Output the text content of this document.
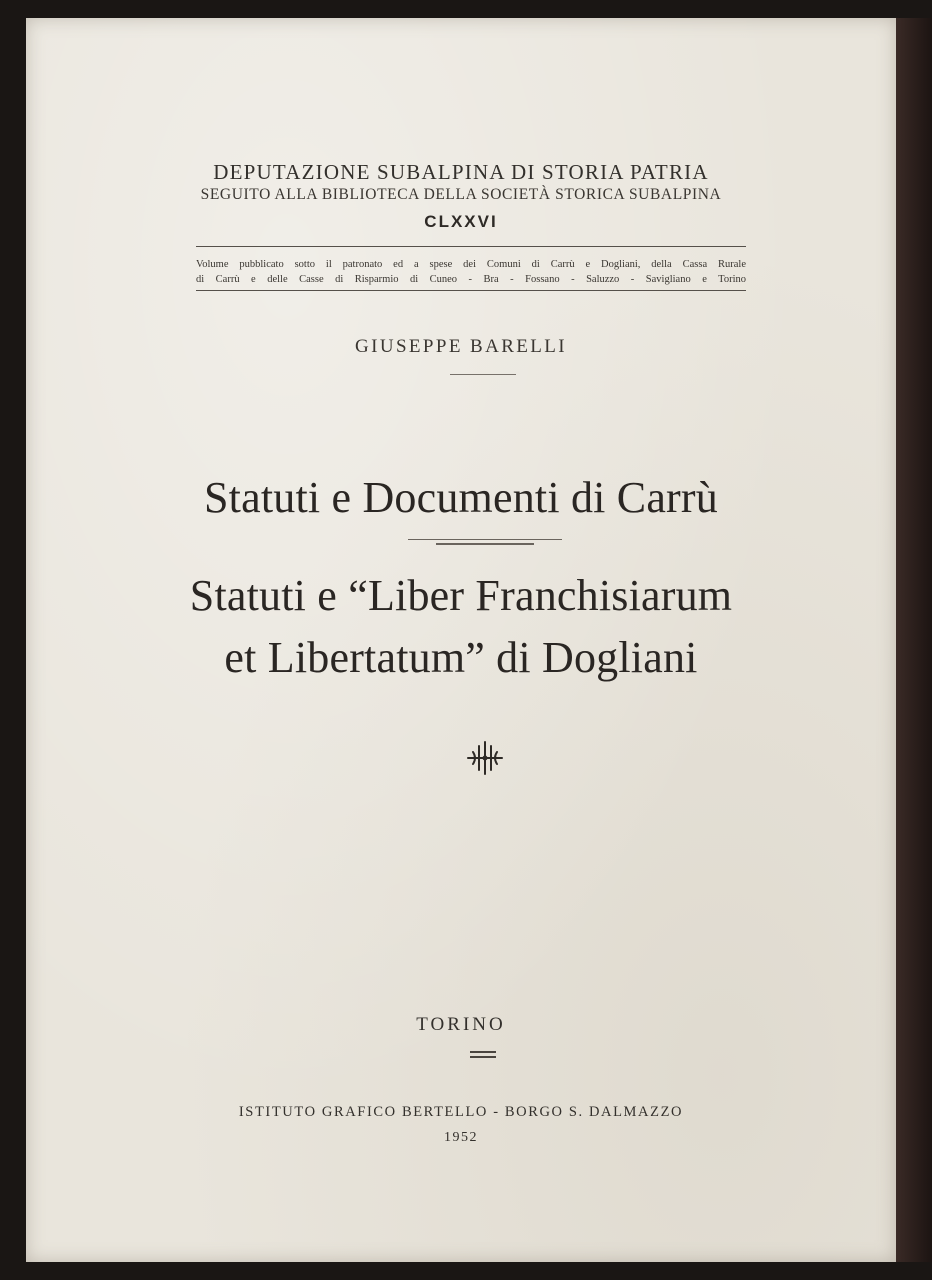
DEPUTAZIONE SUBALPINA DI STORIA PATRIA
SEGUITO ALLA BIBLIOTECA DELLA SOCIETÀ STORICA SUBALPINA
CLXXVI
Volume pubblicato sotto il patronato ed a spese dei Comuni di Carrù e Dogliani, della Cassa Rurale
di Carrù e delle Casse di Risparmio di Cuneo - Bra - Fossano - Saluzzo - Savigliano e Torino
GIUSEPPE BARELLI
Statuti e Documenti di Carrù
Statuti e “Liber Franchisiarum
et Libertatum” di Dogliani
TORINO
ISTITUTO GRAFICO BERTELLO - BORGO S. DALMAZZO
1952
